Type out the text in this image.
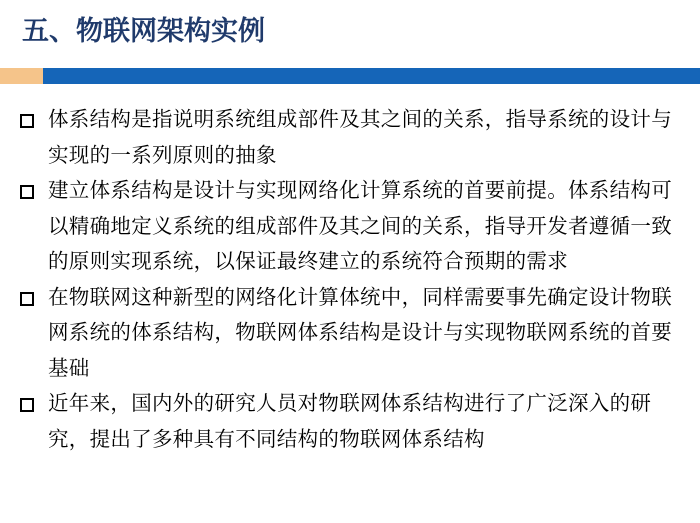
五、物联网架构实例
体系结构是指说明系统组成部件及其之间的关系，指导系统的设计与实现的一系列原则的抽象
建立体系结构是设计与实现网络化计算系统的首要前提。体系结构可以精确地定义系统的组成部件及其之间的关系，指导开发者遵循一致的原则实现系统，以保证最终建立的系统符合预期的需求
在物联网这种新型的网络化计算体统中，同样需要事先确定设计物联网系统的体系结构，物联网体系结构是设计与实现物联网系统的首要基础
近年来，国内外的研究人员对物联网体系结构进行了广泛深入的研究，提出了多种具有不同结构的物联网体系结构
